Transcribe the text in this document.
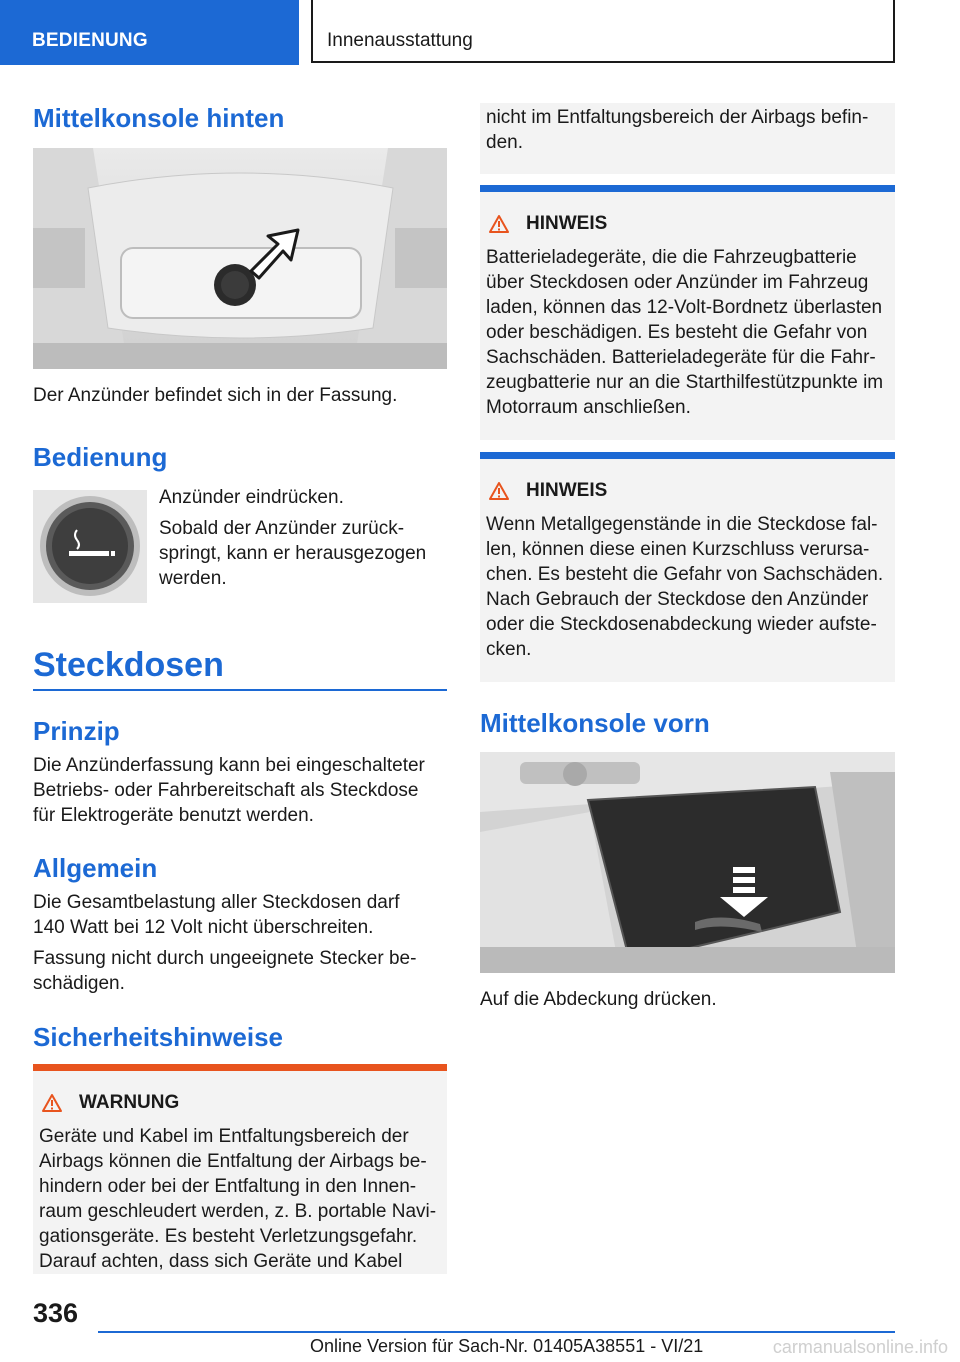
BEDIENUNG	Innenausstattung
Mittelkonsole hinten
Der Anzünder befindet sich in der Fassung.
Bedienung
Anzünder eindrücken.
Sobald der Anzünder zurück-
springt, kann er herausgezogen
werden.
Steckdosen
Prinzip
Die Anzünderfassung kann bei eingeschalteter
Betriebs- oder Fahrbereitschaft als Steckdose
für Elektrogeräte benutzt werden.
Allgemein
Die Gesamtbelastung aller Steckdosen darf
140 Watt bei 12 Volt nicht überschreiten.
Fassung nicht durch ungeeignete Stecker be-
schädigen.
Sicherheitshinweise
WARNUNG
Geräte und Kabel im Entfaltungsbereich der
Airbags können die Entfaltung der Airbags be-
hindern oder bei der Entfaltung in den Innen-
raum geschleudert werden, z. B. portable Navi-
gationsgeräte. Es besteht Verletzungsgefahr.
Darauf achten, dass sich Geräte und Kabel
nicht im Entfaltungsbereich der Airbags befin-
den.
HINWEIS
Batterieladegeräte, die die Fahrzeugbatterie
über Steckdosen oder Anzünder im Fahrzeug
laden, können das 12-Volt-Bordnetz überlasten
oder beschädigen. Es besteht die Gefahr von
Sachschäden. Batterieladegeräte für die Fahr-
zeugbatterie nur an die Starthilfestützpunkte im
Motorraum anschließen.
HINWEIS
Wenn Metallgegenstände in die Steckdose fal-
len, können diese einen Kurzschluss verursa-
chen. Es besteht die Gefahr von Sachschäden.
Nach Gebrauch der Steckdose den Anzünder
oder die Steckdosenabdeckung wieder aufste-
cken.
Mittelkonsole vorn
Auf die Abdeckung drücken.
336
Online Version für Sach-Nr. 01405A38551 - VI/21	carmanualsonline.info
